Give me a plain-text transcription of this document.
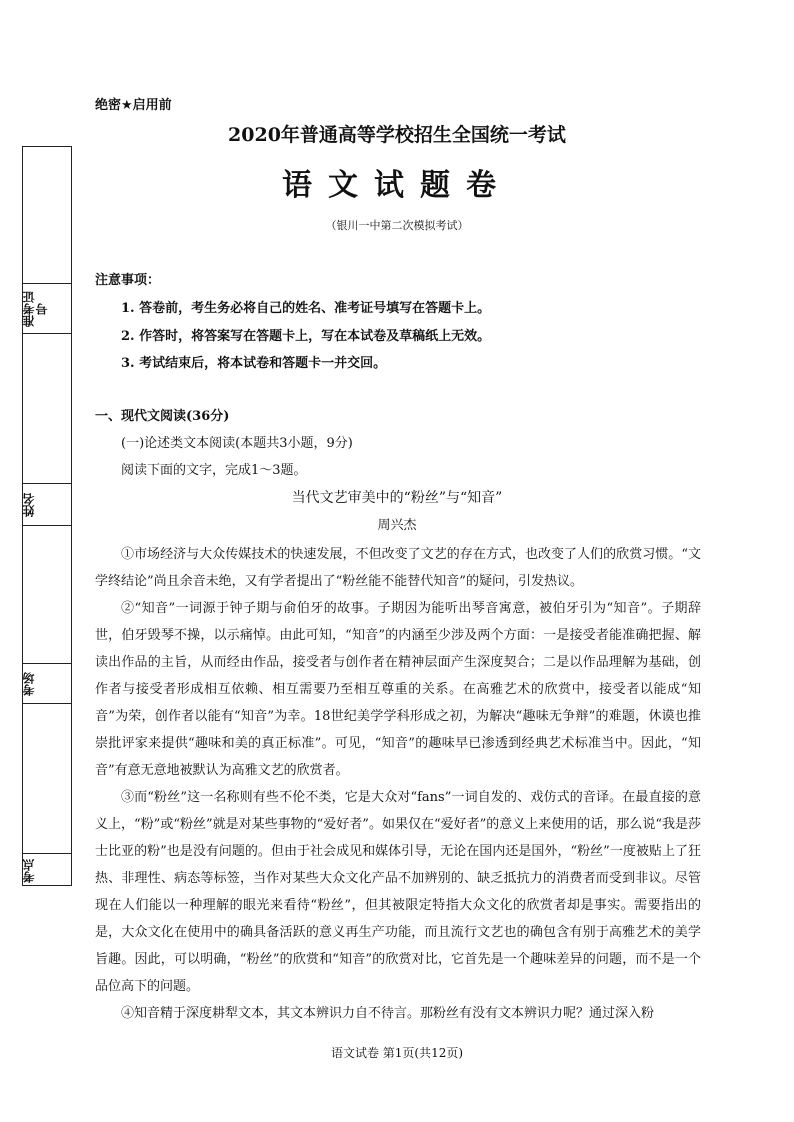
绝密★启用前
2020年普通高等学校招生全国统一考试
语文试题卷
（银川一中第二次模拟考试）
准考证号
姓名
考场
考点
注意事项：
1. 答卷前，考生务必将自己的姓名、准考证号填写在答题卡上。
2. 作答时，将答案写在答题卡上，写在本试卷及草稿纸上无效。
3. 考试结束后，将本试卷和答题卡一并交回。
一、现代文阅读(36分)
(一)论述类文本阅读(本题共3小题，9分)
阅读下面的文字，完成1～3题。
当代文艺审美中的“粉丝”与“知音”
周兴杰

①市场经济与大众传媒技术的快速发展，不但改变了文艺的存在方式，也改变了人们的欣赏习惯。“文学终结论”尚且余音未绝，又有学者提出了“粉丝能不能替代知音”的疑问，引发热议。

②“知音”一词源于钟子期与俞伯牙的故事。子期因为能听出琴音寓意，被伯牙引为“知音”。子期辞世，伯牙毁琴不操，以示痛悼。由此可知，“知音”的内涵至少涉及两个方面：一是接受者能准确把握、解读出作品的主旨，从而经由作品，接受者与创作者在精神层面产生深度契合；二是以作品理解为基础，创作者与接受者形成相互依赖、相互需要乃至相互尊重的关系。在高雅艺术的欣赏中，接受者以能成“知音”为荣，创作者以能有“知音”为幸。18世纪美学学科形成之初，为解决“趣味无争辩”的难题，休谟也推崇批评家来提供“趣味和美的真正标准”。可见，“知音”的趣味早已渗透到经典艺术标准当中。因此，“知音”有意无意地被默认为高雅文艺的欣赏者。

③而“粉丝”这一名称则有些不伦不类，它是大众对“fans”一词自发的、戏仿式的音译。在最直接的意义上，“粉”或“粉丝”就是对某些事物的“爱好者”。如果仅在“爱好者”的意义上来使用的话，那么说“我是莎士比亚的粉”也是没有问题的。但由于社会成见和媒体引导，无论在国内还是国外，“粉丝”一度被贴上了狂热、非理性、病态等标签，当作对某些大众文化产品不加辨别的、缺乏抵抗力的消费者而受到非议。尽管现在人们能以一种理解的眼光来看待“粉丝”，但其被限定特指大众文化的欣赏者却是事实。需要指出的是，大众文化在使用中的确具备活跃的意义再生产功能，而且流行文艺也的确包含有别于高雅艺术的美学旨趣。因此，可以明确，“粉丝”的欣赏和“知音”的欣赏对比，它首先是一个趣味差异的问题，而不是一个品位高下的问题。

④知音精于深度耕犁文本，其文本辨识力自不待言。那粉丝有没有文本辨识力呢？通过深入粉

语文试卷 第1页(共12页)
